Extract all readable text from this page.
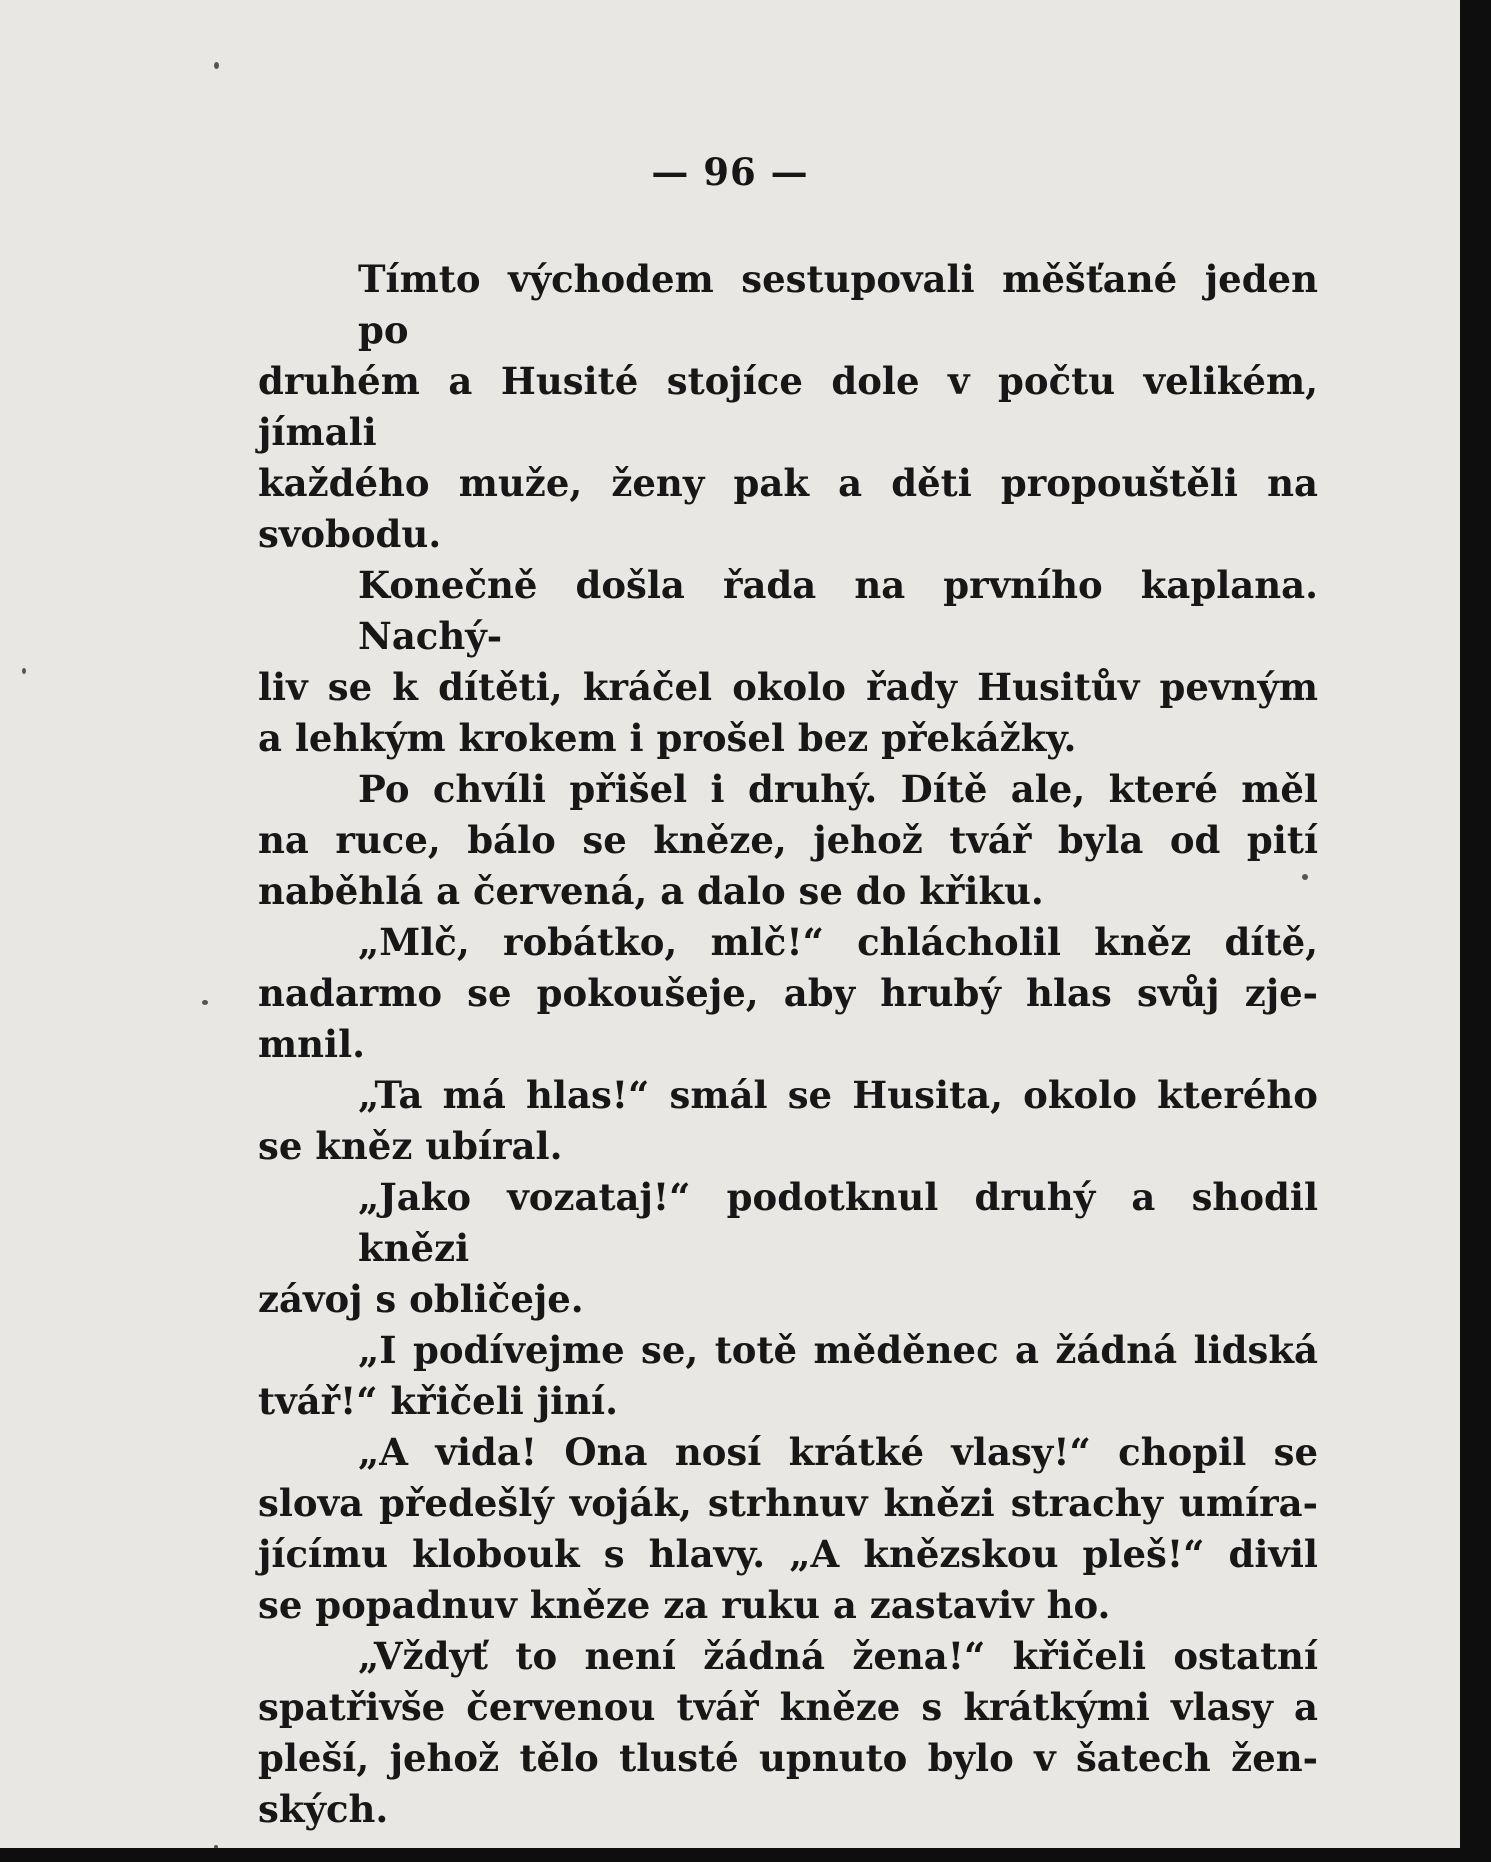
— 96 —

Tímto východem sestupovali měšťané jeden po

druhém a Husité stojíce dole v počtu velikém, jímali

každého muže, ženy pak a děti propouštěli na

svobodu.

Konečně došla řada na prvního kaplana. Nachý-

liv se k dítěti, kráčel okolo řady Husitův pevným

a lehkým krokem i prošel bez překážky.

Po chvíli přišel i druhý. Dítě ale, které měl

na ruce, bálo se kněze, jehož tvář byla od pití

naběhlá a červená, a dalo se do křiku.

„Mlč, robátko, mlč!“ chlácholil kněz dítě,

nadarmo se pokoušeje, aby hrubý hlas svůj zje-

mnil.

„Ta má hlas!“ smál se Husita, okolo kterého

se kněz ubíral.

„Jako vozataj!“ podotknul druhý a shodil knězi

závoj s obličeje.

„I podívejme se, totě měděnec a žádná lidská

tvář!“ křičeli jiní.

„A vida! Ona nosí krátké vlasy!“ chopil se

slova předešlý voják, strhnuv knězi strachy umíra-

jícímu klobouk s hlavy. „A knězskou pleš!“ divil

se popadnuv kněze za ruku a zastaviv ho.

„Vždyť to není žádná žena!“ křičeli ostatní

spatřivše červenou tvář kněze s krátkými vlasy a

pleší, jehož tělo tlusté upnuto bylo v šatech žen-

ských.
